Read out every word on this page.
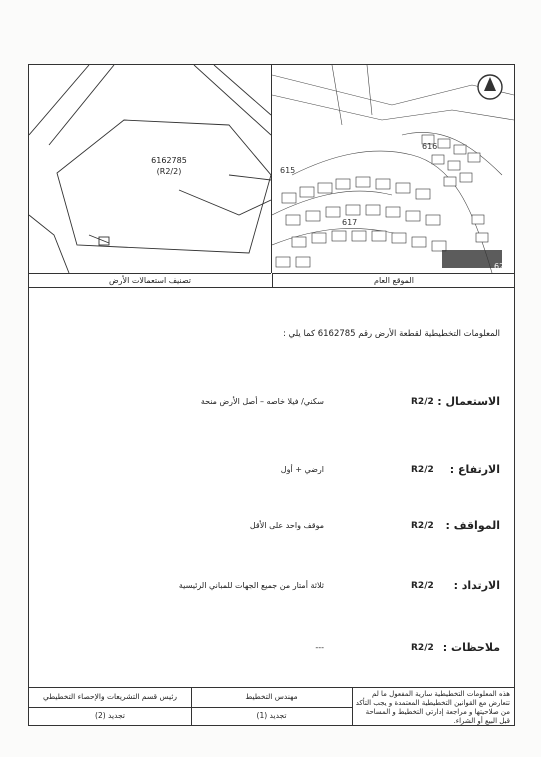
6162785
(R2/2)	615
616
617
626
تصنيف استعمالات الأرض	الموقع العام
المعلومات التخطيطية لقطعة الأرض رقم 6162785 كما يلي :
الاستعمال :
R2/2
سكني/ فيلا خاصه – أصل الأرض منحة
الارتفاع :
R2/2
ارضي + أول
المواقف :
R2/2
موقف واحد على الأقل
الارتداد :
R2/2
ثلاثة أمتار من جميع الجهات للمباني الرئيسية
ملاحظات :
R2/2
---
هذه المعلومات التخطيطية سارية المفعول ما لم تتعارض مع القوانين التخطيطية المعتمدة و يجب التأكد من صلاحيتها و مراجعة إدارتي التخطيط و المساحة قبل البيع أو الشراء.
مهندس التخطيط
تجديد (1)
رئيس قسم التشريعات والإحصاء التخطيطي
تجديد (2)
